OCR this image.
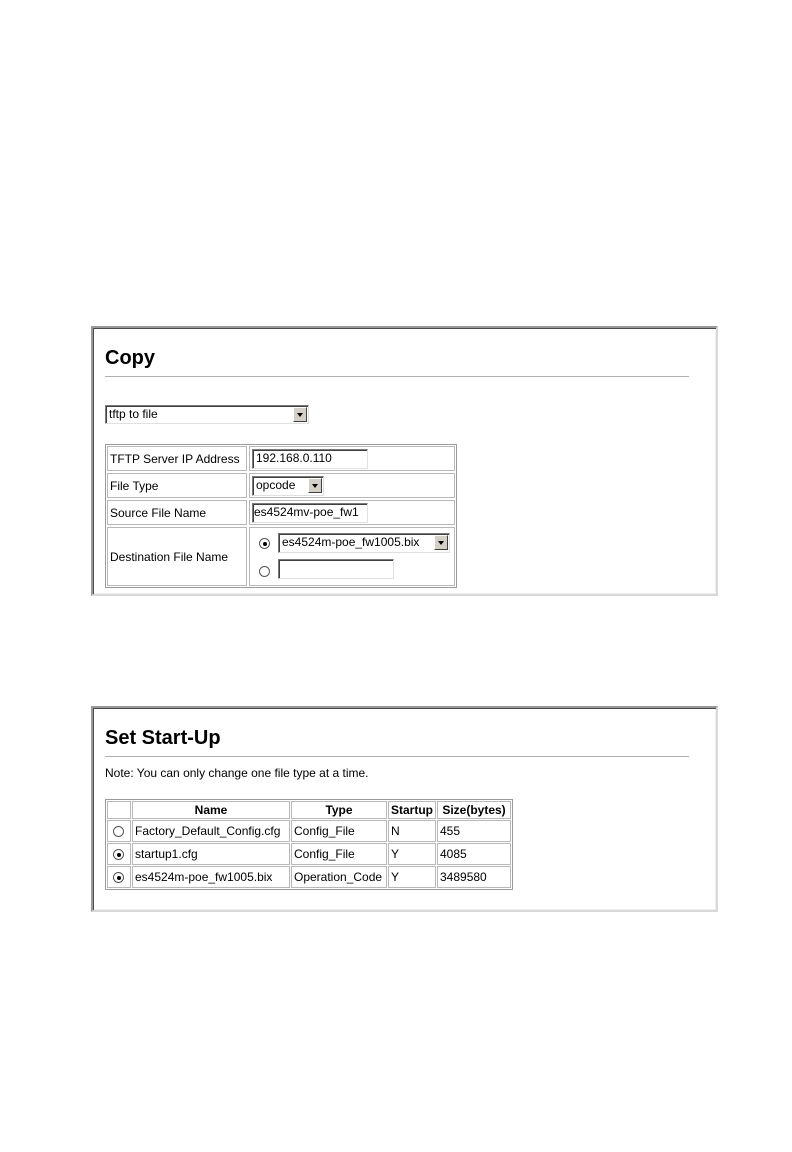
Copy
tftp to file
TFTP Server IP Address	192.168.0.110
File Type	opcode
Source File Name	es4524mv-poe_fw1
Destination File Name
es4524m-poe_fw1005.bix
Set Start-Up
Note: You can only change one file type at a time.
	Name	Type	Startup	Size(bytes)

	Factory_Default_Config.cfg	Config_File	N	455

	startup1.cfg	Config_File	Y	4085

	es4524m-poe_fw1005.bix	Operation_Code	Y	3489580
